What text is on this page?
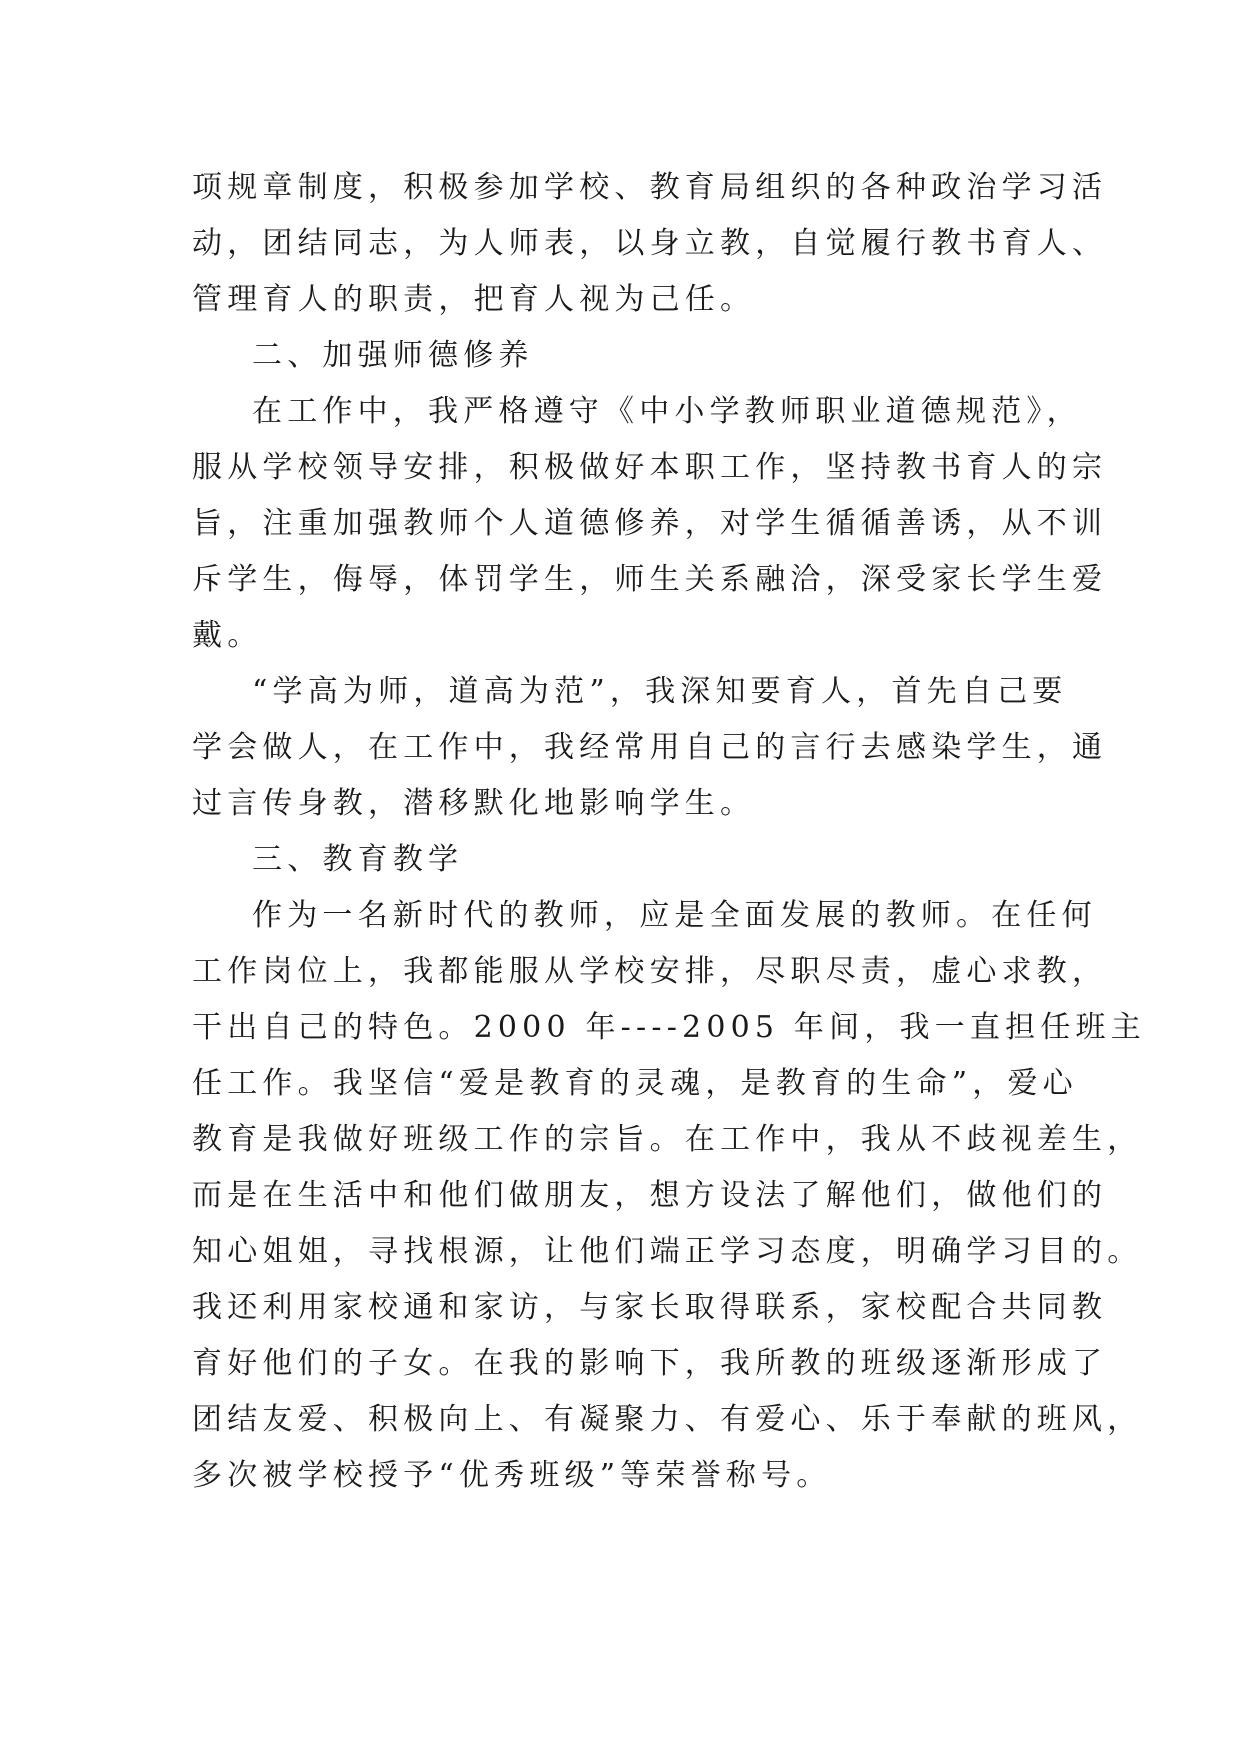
项规章制度，积极参加学校、教育局组织的各种政治学习活
动，团结同志，为人师表，以身立教，自觉履行教书育人、
管理育人的职责，把育人视为己任。
二、加强师德修养
在工作中，我严格遵守《中小学教师职业道德规范》，
服从学校领导安排，积极做好本职工作，坚持教书育人的宗
旨，注重加强教师个人道德修养，对学生循循善诱，从不训
斥学生，侮辱，体罚学生，师生关系融洽，深受家长学生爱
戴。
“学高为师，道高为范”，我深知要育人，首先自己要
学会做人，在工作中，我经常用自己的言行去感染学生，通
过言传身教，潜移默化地影响学生。
三、教育教学
作为一名新时代的教师，应是全面发展的教师。在任何
工作岗位上，我都能服从学校安排，尽职尽责，虚心求教，
干出自己的特色。2000 年----2005 年间，我一直担任班主
任工作。我坚信“爱是教育的灵魂，是教育的生命”，爱心
教育是我做好班级工作的宗旨。在工作中，我从不歧视差生，
而是在生活中和他们做朋友，想方设法了解他们，做他们的
知心姐姐，寻找根源，让他们端正学习态度，明确学习目的。
我还利用家校通和家访，与家长取得联系，家校配合共同教
育好他们的子女。在我的影响下，我所教的班级逐渐形成了
团结友爱、积极向上、有凝聚力、有爱心、乐于奉献的班风，
多次被学校授予“优秀班级”等荣誉称号。
